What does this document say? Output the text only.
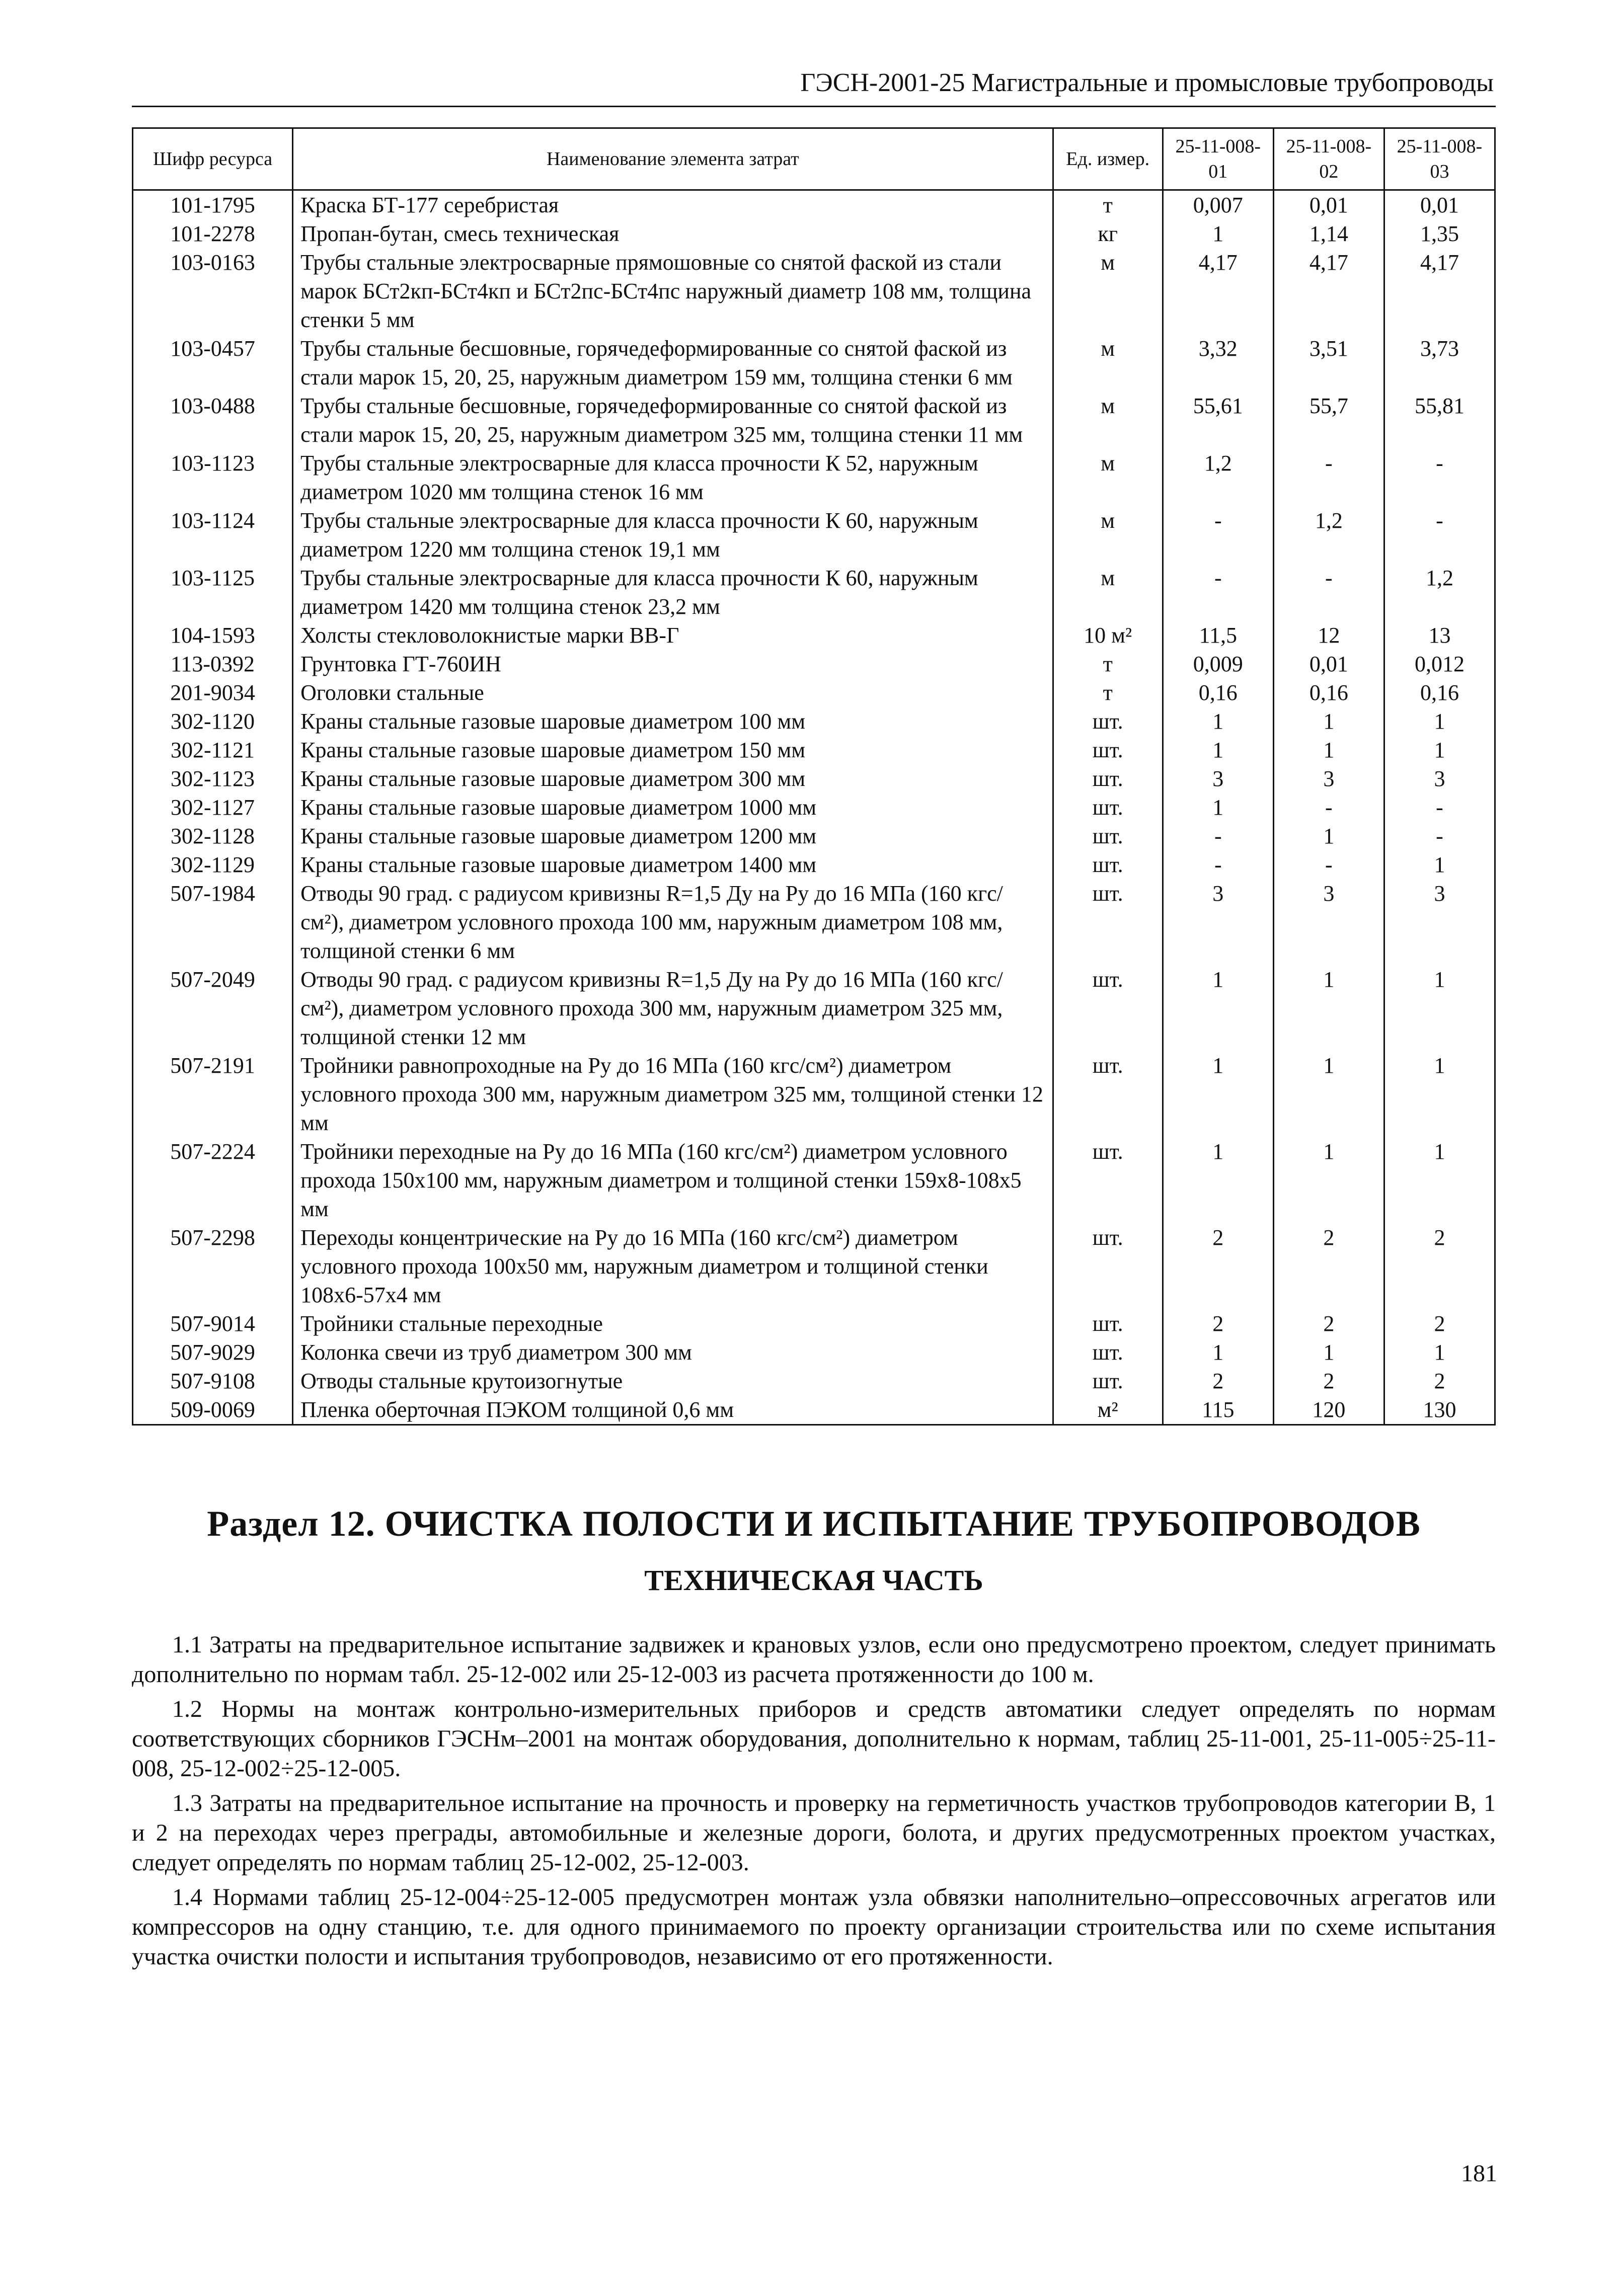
ГЭСН-2001-25 Магистральные и промысловые трубопроводы
Шифр ресурса	Наименование элемента затрат	Ед. измер.	25-11-008-01	25-11-008-02	25-11-008-03
101-1795	Краска БТ-177 серебристая	т	0,007	0,01	0,01
101-2278	Пропан-бутан, смесь техническая	кг	1	1,14	1,35
103-0163	Трубы стальные электросварные прямошовные со снятой фаской из стали марок БСт2кп-БСт4кп и БСт2пс-БСт4пс наружный диаметр 108 мм, толщина стенки 5 мм	м	4,17	4,17	4,17
103-0457	Трубы стальные бесшовные, горячедеформированные со снятой фаской из стали марок 15, 20, 25, наружным диаметром 159 мм, толщина стенки 6 мм	м	3,32	3,51	3,73
103-0488	Трубы стальные бесшовные, горячедеформированные со снятой фаской из стали марок 15, 20, 25, наружным диаметром 325 мм, толщина стенки 11 мм	м	55,61	55,7	55,81
103-1123	Трубы стальные электросварные для класса прочности К 52, наружным диаметром 1020 мм толщина стенок 16 мм	м	1,2	-	-
103-1124	Трубы стальные электросварные для класса прочности К 60, наружным диаметром 1220 мм толщина стенок 19,1 мм	м	-	1,2	-
103-1125	Трубы стальные электросварные для класса прочности К 60, наружным диаметром 1420 мм толщина стенок 23,2 мм	м	-	-	1,2
104-1593	Холсты стекловолокнистые марки ВВ-Г	10 м²	11,5	12	13
113-0392	Грунтовка ГТ-760ИН	т	0,009	0,01	0,012
201-9034	Оголовки стальные	т	0,16	0,16	0,16
302-1120	Краны стальные газовые шаровые диаметром 100 мм	шт.	1	1	1
302-1121	Краны стальные газовые шаровые диаметром 150 мм	шт.	1	1	1
302-1123	Краны стальные газовые шаровые диаметром 300 мм	шт.	3	3	3
302-1127	Краны стальные газовые шаровые диаметром 1000 мм	шт.	1	-	-
302-1128	Краны стальные газовые шаровые диаметром 1200 мм	шт.	-	1	-
302-1129	Краны стальные газовые шаровые диаметром 1400 мм	шт.	-	-	1
507-1984	Отводы 90 град. с радиусом кривизны R=1,5 Ду на Ру до 16 МПа (160 кгс/см²), диаметром условного прохода 100 мм, наружным диаметром 108 мм, толщиной стенки 6 мм	шт.	3	3	3
507-2049	Отводы 90 град. с радиусом кривизны R=1,5 Ду на Ру до 16 МПа (160 кгс/см²), диаметром условного прохода 300 мм, наружным диаметром 325 мм, толщиной стенки 12 мм	шт.	1	1	1
507-2191	Тройники равнопроходные на Ру до 16 МПа (160 кгс/см²) диаметром условного прохода 300 мм, наружным диаметром 325 мм, толщиной стенки 12 мм	шт.	1	1	1
507-2224	Тройники переходные на Ру до 16 МПа (160 кгс/см²) диаметром условного прохода 150х100 мм, наружным диаметром и толщиной стенки 159х8-108х5 мм	шт.	1	1	1
507-2298	Переходы концентрические на Ру до 16 МПа (160 кгс/см²) диаметром условного прохода 100х50 мм, наружным диаметром и толщиной стенки 108х6-57х4 мм	шт.	2	2	2
507-9014	Тройники стальные переходные	шт.	2	2	2
507-9029	Колонка свечи из труб диаметром 300 мм	шт.	1	1	1
507-9108	Отводы стальные крутоизогнутые	шт.	2	2	2
509-0069	Пленка оберточная ПЭКОМ толщиной 0,6 мм	м²	115	120	130
Раздел 12. ОЧИСТКА ПОЛОСТИ И ИСПЫТАНИЕ ТРУБОПРОВОДОВ
ТЕХНИЧЕСКАЯ ЧАСТЬ

1.1 Затраты на предварительное испытание задвижек и крановых узлов, если оно предусмотрено проектом, следует принимать дополнительно по нормам табл. 25-12-002 или 25-12-003 из расчета протяженности до 100 м.

1.2 Нормы на монтаж контрольно-измерительных приборов и средств автоматики следует определять по нормам соответствующих сборников ГЭСНм–2001 на монтаж оборудования, дополнительно к нормам, таблиц 25-11-001, 25-11-005÷25-11-008, 25-12-002÷25-12-005.

1.3 Затраты на предварительное испытание на прочность и проверку на герметичность участков трубопроводов категории В, 1 и 2 на переходах через преграды, автомобильные и железные дороги, болота, и других предусмотренных проектом участках, следует определять по нормам таблиц 25-12-002, 25-12-003.

1.4 Нормами таблиц 25-12-004÷25-12-005 предусмотрен монтаж узла обвязки наполнительно–опрессовочных агрегатов или компрессоров на одну станцию, т.е. для одного принимаемого по проекту организации строительства или по схеме испытания участка очистки полости и испытания трубопроводов, независимо от его протяженности.

181
